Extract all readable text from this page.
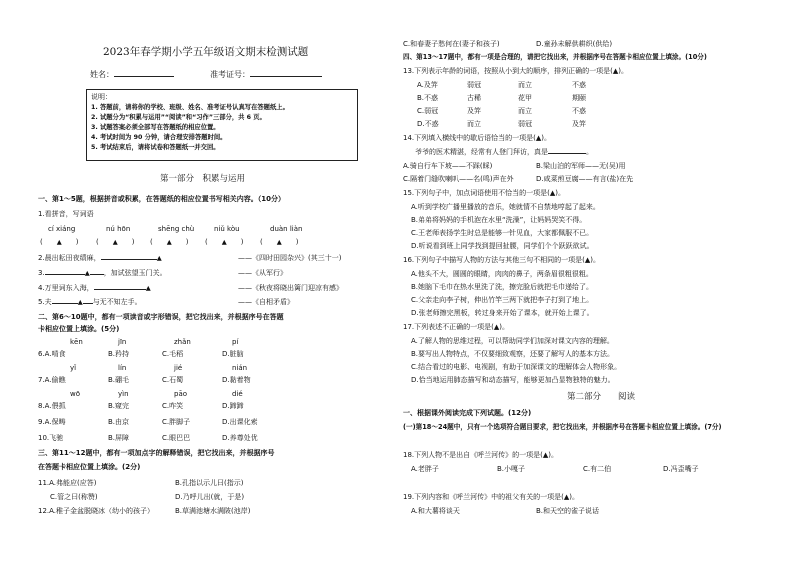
2023年春学期小学五年级语文期末检测试题
姓名：	准考证号：
说明：
1. 答题前，请将你的学校、班级、姓名、准考证号认真写在答题纸上。
2. 试题分为“积累与运用”“阅读”和“习作”三部分，共 6 页。
3. 试题答案必须全部写在答题纸的相应位置。
4. 考试时间为 90 分钟，请合理安排答题时间。
5. 考试结束后，请将试卷和答题纸一并交回。
第一部分　积累与运用
一、第1～5题，根据拼音或积累，在答题纸的相应位置书写相关内容。（10分）
1.看拼音，写词语
cí xiáng	nú hōn	shēng chù	niǔ kòu	duàn liàn
(　　▲　　)	(　　▲　　) (　　▲　　) (　　▲　　) (　　▲　　)
2.晨出耘田夜绩麻，	▲	——《四时田园杂兴》(其三十一)
3.	▲ ，加试弦望玉门关。	——《从军行》
4.万里词东入海，	▲	——《秋夜将晓出篱门迎凉有感》
5.夫	▲ 与无不知左手。	——《自相矛盾》
二、第6～10题中，都有一项读音或字形错误，把它找出来，并根据序号在答题
卡相应位置上填涂。(5分)
kēn	jīn	zhǎn	pí
6.A.啃食	B.矜持	C.毛稻	D.脏脑
yǐ	lín	jié	nián
7.A.偷瞧	B.硼毛	C.石蜀	D.黏着物
wō	yìn	pāo	dié
8.A.偎抓	B.窥完	C.咋笑	D.蹄蹄
9.A.保畴	B.由京	C.胖脚子	D.出课化索
10.飞驰	B.屏障	C.眼巴巴	D.养尊处优
三、第11～12题中，都有一项加点字的解释错误，把它找出来，并根据序号
在答题卡相应位置上填涂。(2分)
11.A.弗能应(应答)	B.孔指以示儿曰(指示)
C.管之曰(称赞)	D.乃呼儿出(就，于是)
12.A.稚子金盆脱晓冰（幼小的孩子）	B.草满池塘水满陂(池岸)
C.和春妻子愁何在(妻子和孩子)	D.童孙未解供耕织(供给)
四、第13～17题中，都有一项是合理的，请把它找出来，并根据序号在答题卡相应位置上填涂。(10分)
13.下列表示年龄的词语，按照从小到大的顺序，排列正确的一项是(▲)。
A.及笄	弱冠	而立	不惑
B.不惑	古稀	花甲	期颐
C.弱冠	及笄	而立	不惑
D.不惑	而立	弱冠	及笄
14.下列填入横线中的歇后语恰当的一项是(▲)。
爷爷的医术精湛，经常有人登门拜访，真是	。
A.骑自行车下坡——不踩(睬)	B.梁山泊的军师——无(吴)用
C.隔着门缝吹喇叭——名(鸣)声在外	D.咸菜煎豆腐——有言(盐)在先
15.下列句子中，加点词语使用不恰当的一项是(▲)。
A.听到学校广播里播放的音乐，她就情不自禁地哼起了起来。
B.弟弟将妈妈的手机泡在水里“洗澡”，让妈妈哭笑不得。
C.王老师表扬学生时总是能够一针见血，大家都佩服不已。
D.听说看到班上同学找到提回扯腰，同学们个个跃跃欲试。
16.下列句子中描写人物的方法与其他三句不相同的一项是(▲)。
A.他头不大，圆圆的眼睛，肉肉的鼻子，两条眉很粗很粗。
B.她脑下毛巾在热水里洗了洗，擦完脸后就把毛巾递给了。
C.父亲走向李子树，伸出竹竿三两下就把李子打到了地上。
D.张老师擦完黑板，转过身来开始了课本，就开始上课了。
17.下列表述不正确的一项是(▲)。
A.了解人物的思维过程，可以帮助同学们加深对课文内容的理解。
B.要写出人物特点，不仅要细致观察，还要了解写人的基本方法。
C.结合看过的电影、电视剧，有助于加深课文的理解体会人物形象。
D.恰当地运用肺态描写和动态描写，能够更加凸显物独特的魅力。
第二部分　　阅读
一、根据课外阅读完成下列试题。(12分)
(一)第18～24题中，只有一个选项符合题目要求，把它找出来，并根据序号在答题卡相应位置上填涂。(7分)
18.下列人物不是出自《呼兰河传》的一项是(▲)。
A.老胖子	B.小嘎子	C.有二伯	D.冯歪嘴子
19.下列内容和《呼兰河传》中的祖父有关的一项是(▲)。
A.和大薯将谈天	B.和天空的雀子说话
